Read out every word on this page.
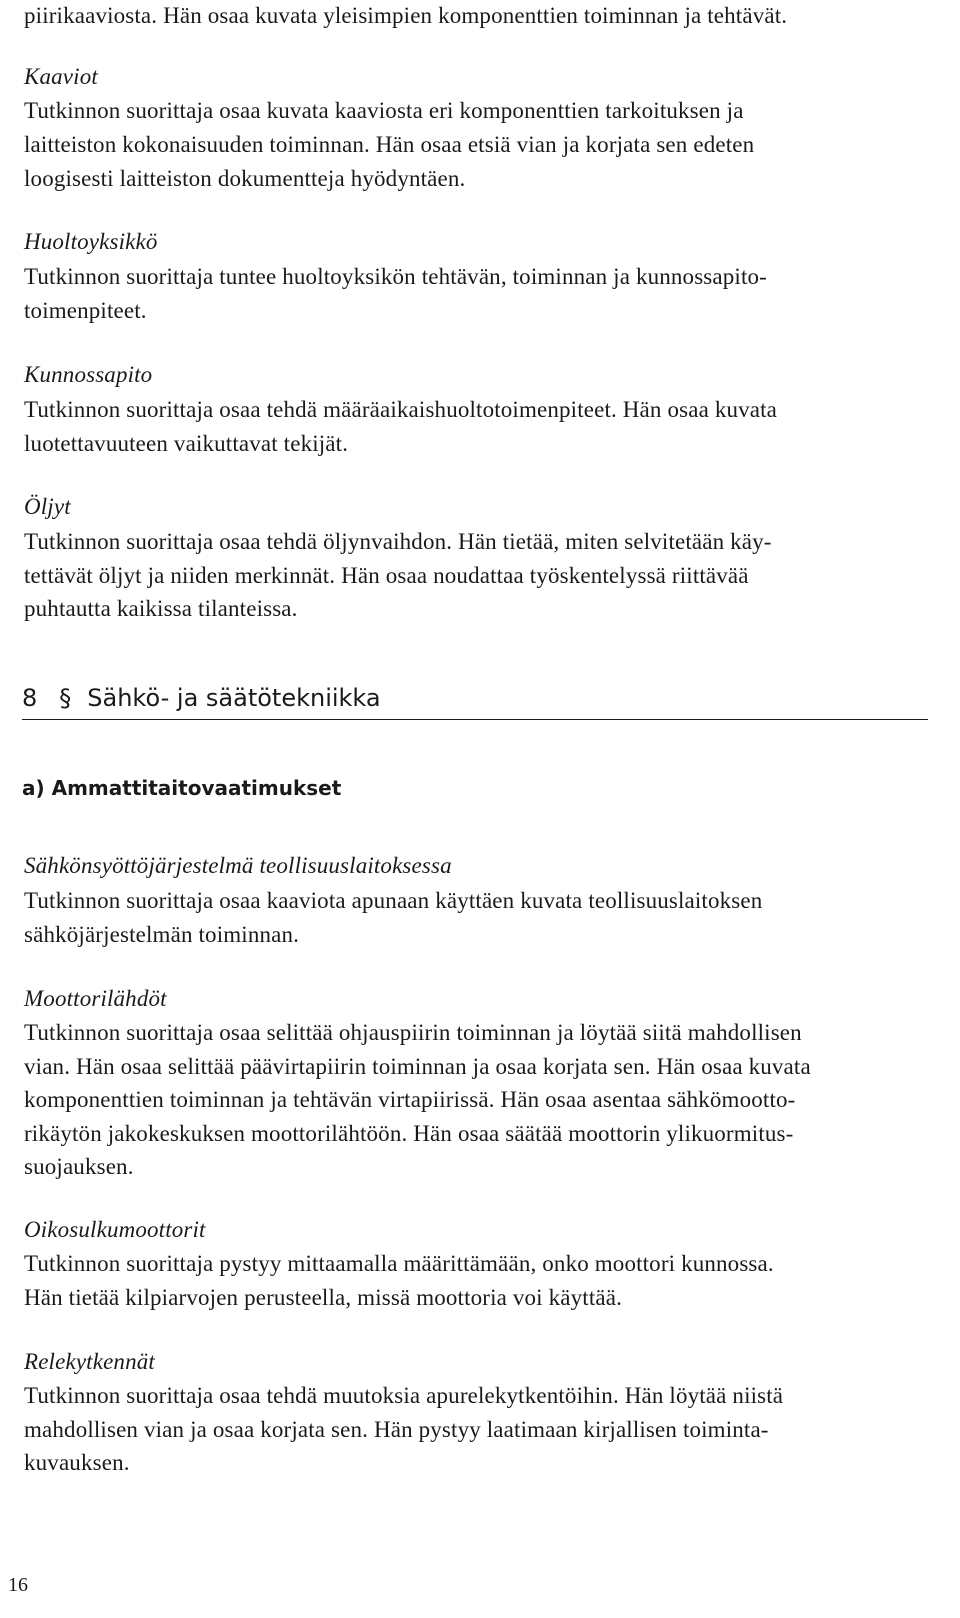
piirikaaviosta. Hän osaa kuvata yleisimpien komponenttien toiminnan ja tehtävät.
Kaaviot
Tutkinnon suorittaja osaa kuvata kaaviosta eri komponenttien tarkoituksen ja
laitteiston kokonaisuuden toiminnan. Hän osaa etsiä vian ja korjata sen edeten
loogisesti laitteiston dokumentteja hyödyntäen.
Huoltoyksikkö
Tutkinnon suorittaja tuntee huoltoyksikön tehtävän, toiminnan ja kunnossapito-
toimenpiteet.
Kunnossapito
Tutkinnon suorittaja osaa tehdä määräaikaishuoltotoimenpiteet. Hän osaa kuvata
luotettavuuteen vaikuttavat tekijät.
Öljyt
Tutkinnon suorittaja osaa tehdä öljynvaihdon. Hän tietää, miten selvitetään käy-
tettävät öljyt ja niiden merkinnät. Hän osaa noudattaa työskentelyssä riittävää
puhtautta kaikissa tilanteissa.
8 § Sähkö- ja säätötekniikka
a) Ammattitaitovaatimukset
Sähkönsyöttöjärjestelmä teollisuuslaitoksessa
Tutkinnon suorittaja osaa kaaviota apunaan käyttäen kuvata teollisuuslaitoksen
sähköjärjestelmän toiminnan.
Moottorilähdöt
Tutkinnon suorittaja osaa selittää ohjauspiirin toiminnan ja löytää siitä mahdollisen
vian. Hän osaa selittää päävirtapiirin toiminnan ja osaa korjata sen. Hän osaa kuvata
komponenttien toiminnan ja tehtävän virtapiirissä. Hän osaa asentaa sähkömootto-
rikäytön jakokeskuksen moottorilähtöön. Hän osaa säätää moottorin ylikuormitus-
suojauksen.
Oikosulkumoottorit
Tutkinnon suorittaja pystyy mittaamalla määrittämään, onko moottori kunnossa.
Hän tietää kilpiarvojen perusteella, missä moottoria voi käyttää.
Relekytkennät
Tutkinnon suorittaja osaa tehdä muutoksia apurelekytkentöihin. Hän löytää niistä
mahdollisen vian ja osaa korjata sen. Hän pystyy laatimaan kirjallisen toiminta-
kuvauksen.
16
